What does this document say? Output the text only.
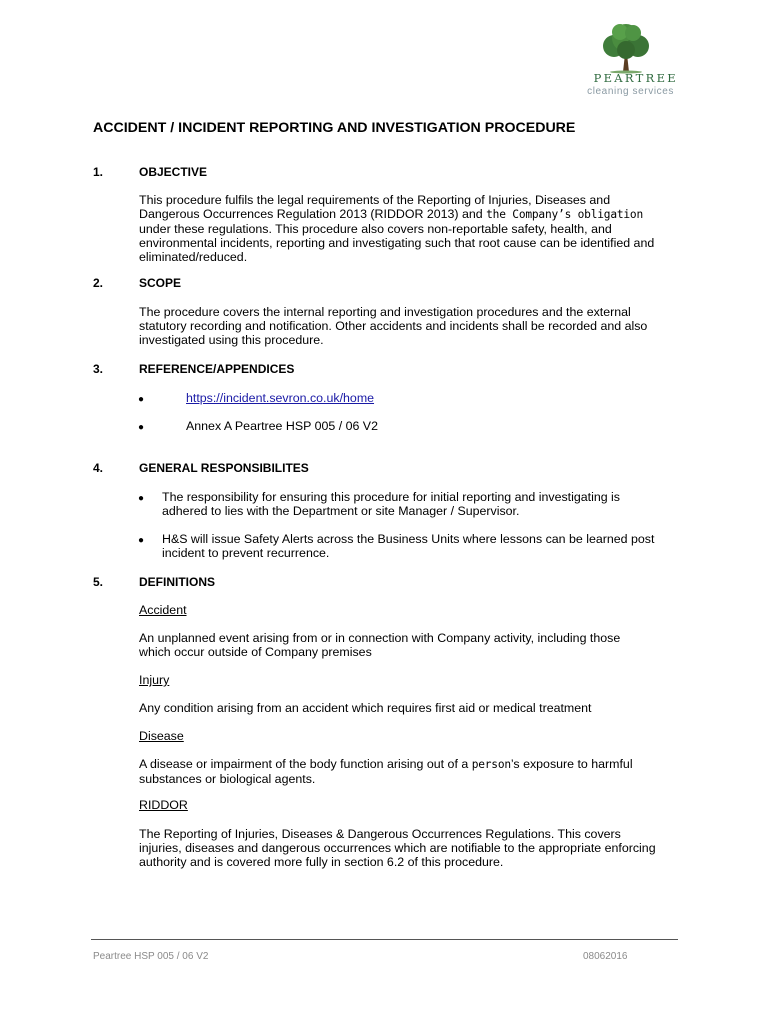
PEARTREE
cleaning services
ACCIDENT / INCIDENT REPORTING AND INVESTIGATION PROCEDURE
1.	OBJECTIVE
This procedure fulfils the legal requirements of the Reporting of Injuries, Diseases and
Dangerous Occurrences Regulation 2013 (RIDDOR 2013) and the Company’s obligation
under these regulations. This procedure also covers non-reportable safety, health, and
environmental incidents, reporting and investigating such that root cause can be identified and
eliminated/reduced.
2.	SCOPE
The procedure covers the internal reporting and investigation procedures and the external
statutory recording and notification. Other accidents and incidents shall be recorded and also
investigated using this procedure.
3.	REFERENCE/APPENDICES
●	https://incident.sevron.co.uk/home
●	Annex A Peartree HSP 005 / 06 V2
4.	GENERAL RESPONSIBILITES
● The responsibility for ensuring this procedure for initial reporting and investigating is
adhered to lies with the Department or site Manager / Supervisor.
● H&S will issue Safety Alerts across the Business Units where lessons can be learned post
incident to prevent recurrence.
5.	DEFINITIONS
Accident
An unplanned event arising from or in connection with Company activity, including those
which occur outside of Company premises
Injury
Any condition arising from an accident which requires first aid or medical treatment
Disease
A disease or impairment of the body function arising out of a person’s exposure to harmful
substances or biological agents.
RIDDOR
The Reporting of Injuries, Diseases & Dangerous Occurrences Regulations. This covers
injuries, diseases and dangerous occurrences which are notifiable to the appropriate enforcing
authority and is covered more fully in section 6.2 of this procedure.
Peartree HSP 005 / 06 V2	08062016
